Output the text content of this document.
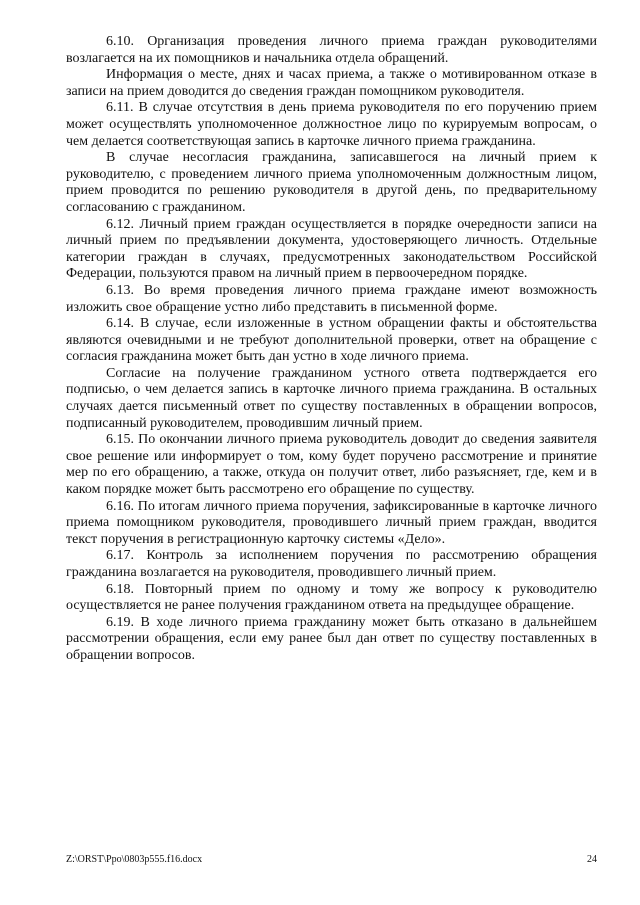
6.10. Организация проведения личного приема граждан руководителями возлагается на их помощников и начальника отдела обращений.

Информация о месте, днях и часах приема, а также о мотивированном отказе в записи на прием доводится до сведения граждан помощником руководителя.

6.11. В случае отсутствия в день приема руководителя по его поручению прием может осуществлять уполномоченное должностное лицо по курируемым вопросам, о чем делается соответствующая запись в карточке личного приема гражданина.

В случае несогласия гражданина, записавшегося на личный прием к руководителю, с проведением личного приема уполномоченным должностным лицом, прием проводится по решению руководителя в другой день, по предварительному согласованию с гражданином.

6.12. Личный прием граждан осуществляется в порядке очередности записи на личный прием по предъявлении документа, удостоверяющего личность. Отдельные категории граждан в случаях, предусмотренных законодательством Российской Федерации, пользуются правом на личный прием в первоочередном порядке.

6.13. Во время проведения личного приема граждане имеют возможность изложить свое обращение устно либо представить в письменной форме.

6.14. В случае, если изложенные в устном обращении факты и обстоятельства являются очевидными и не требуют дополнительной проверки, ответ на обращение с согласия гражданина может быть дан устно в ходе личного приема.

Согласие на получение гражданином устного ответа подтверждается его подписью, о чем делается запись в карточке личного приема гражданина. В остальных случаях дается письменный ответ по существу поставленных в обращении вопросов, подписанный руководителем, проводившим личный прием.

6.15. По окончании личного приема руководитель доводит до сведения заявителя свое решение или информирует о том, кому будет поручено рассмотрение и принятие мер по его обращению, а также, откуда он получит ответ, либо разъясняет, где, кем и в каком порядке может быть рассмотрено его обращение по существу.

6.16. По итогам личного приема поручения, зафиксированные в карточке личного приема помощником руководителя, проводившего личный прием граждан, вводится текст поручения в регистрационную карточку системы «Дело».

6.17. Контроль за исполнением поручения по рассмотрению обращения гражданина возлагается на руководителя, проводившего личный прием.

6.18. Повторный прием по одному и тому же вопросу к руководителю осуществляется не ранее получения гражданином ответа на предыдущее обращение.

6.19. В ходе личного приема гражданину может быть отказано в дальнейшем рассмотрении обращения, если ему ранее был дан ответ по существу поставленных в обращении вопросов.

Z:\ORST\Ppo\0803p555.f16.docx	24
